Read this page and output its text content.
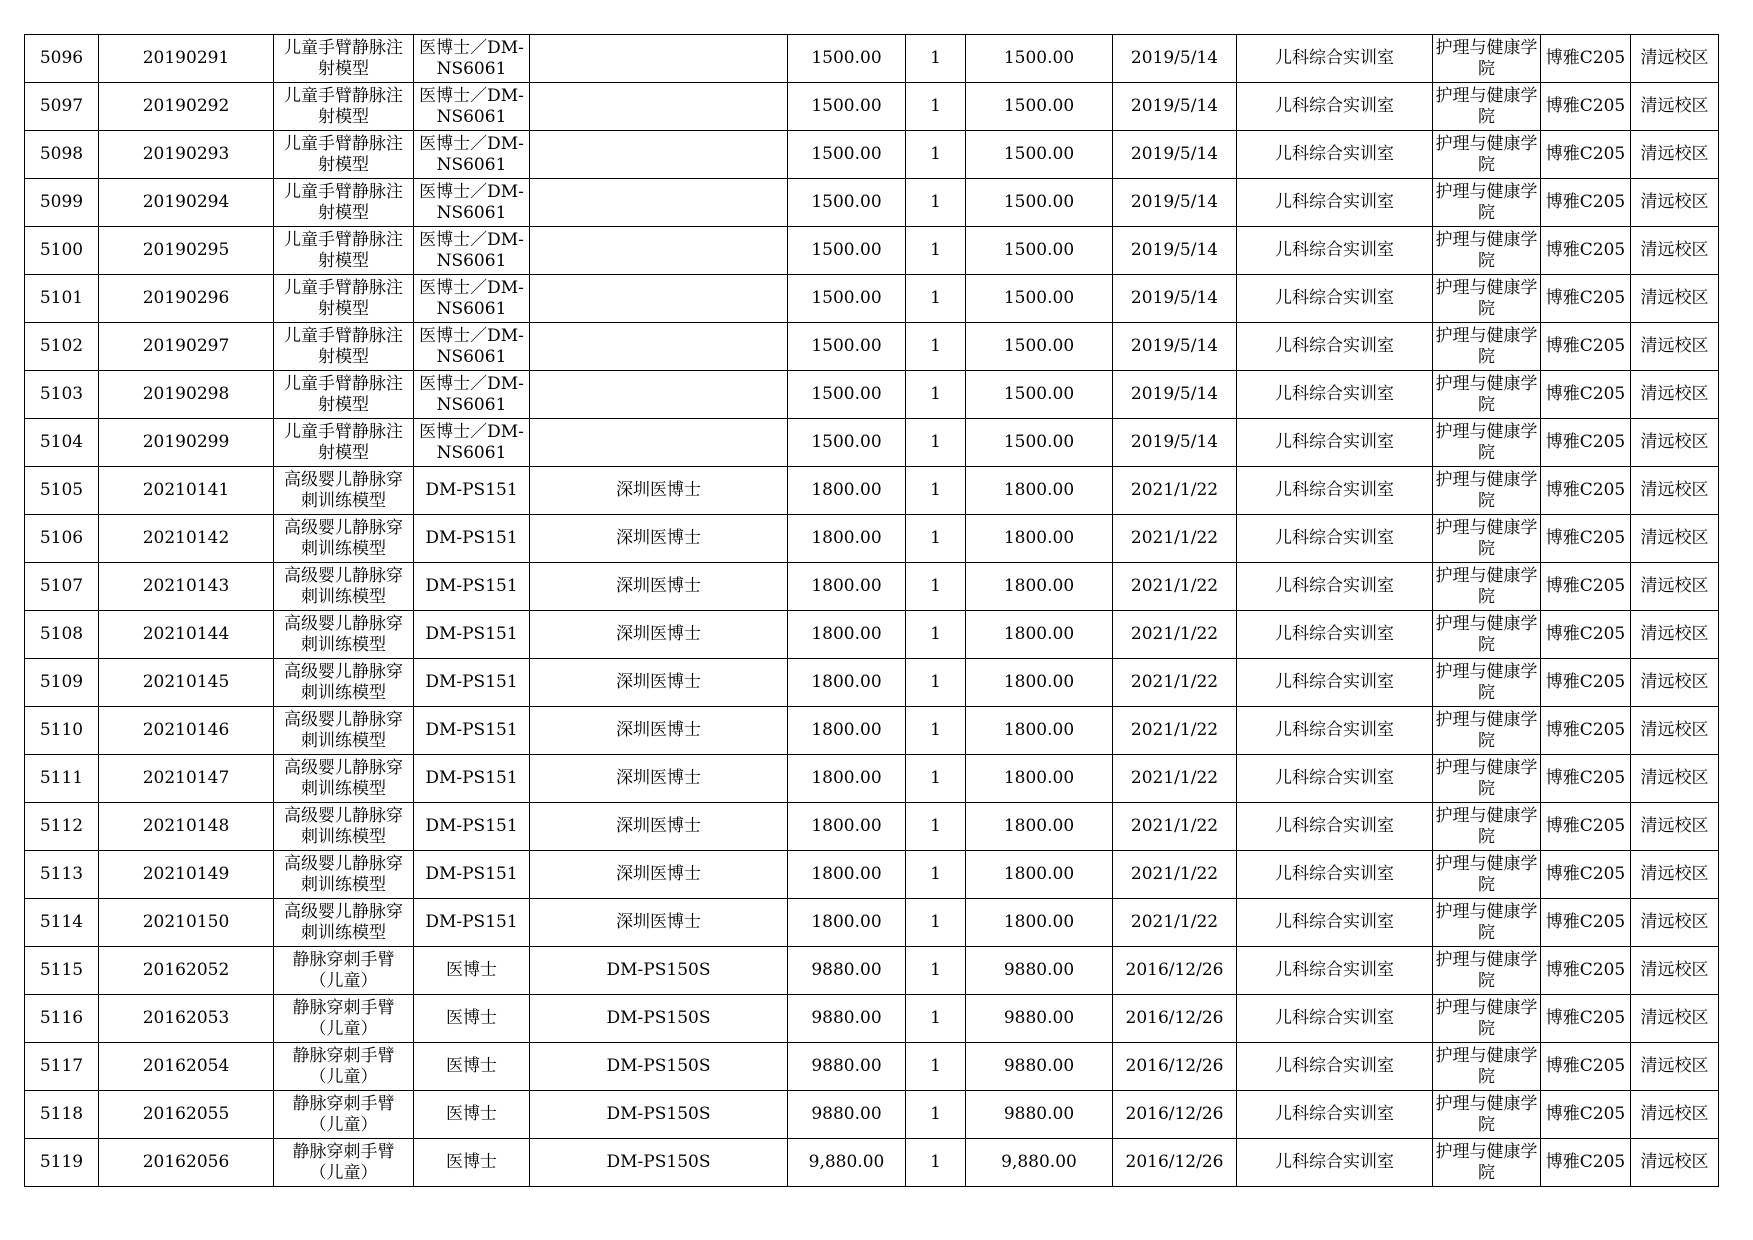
5096	20190291	儿童手臂静脉注射模型	医博士／DM-NS6061		1500.00	1	1500.00	2019/5/14	儿科综合实训室	护理与健康学院	博雅C205	清远校区
5097	20190292	儿童手臂静脉注射模型	医博士／DM-NS6061		1500.00	1	1500.00	2019/5/14	儿科综合实训室	护理与健康学院	博雅C205	清远校区
5098	20190293	儿童手臂静脉注射模型	医博士／DM-NS6061		1500.00	1	1500.00	2019/5/14	儿科综合实训室	护理与健康学院	博雅C205	清远校区
5099	20190294	儿童手臂静脉注射模型	医博士／DM-NS6061		1500.00	1	1500.00	2019/5/14	儿科综合实训室	护理与健康学院	博雅C205	清远校区
5100	20190295	儿童手臂静脉注射模型	医博士／DM-NS6061		1500.00	1	1500.00	2019/5/14	儿科综合实训室	护理与健康学院	博雅C205	清远校区
5101	20190296	儿童手臂静脉注射模型	医博士／DM-NS6061		1500.00	1	1500.00	2019/5/14	儿科综合实训室	护理与健康学院	博雅C205	清远校区
5102	20190297	儿童手臂静脉注射模型	医博士／DM-NS6061		1500.00	1	1500.00	2019/5/14	儿科综合实训室	护理与健康学院	博雅C205	清远校区
5103	20190298	儿童手臂静脉注射模型	医博士／DM-NS6061		1500.00	1	1500.00	2019/5/14	儿科综合实训室	护理与健康学院	博雅C205	清远校区
5104	20190299	儿童手臂静脉注射模型	医博士／DM-NS6061		1500.00	1	1500.00	2019/5/14	儿科综合实训室	护理与健康学院	博雅C205	清远校区
5105	20210141	高级婴儿静脉穿刺训练模型	DM-PS151	深圳医博士	1800.00	1	1800.00	2021/1/22	儿科综合实训室	护理与健康学院	博雅C205	清远校区
5106	20210142	高级婴儿静脉穿刺训练模型	DM-PS151	深圳医博士	1800.00	1	1800.00	2021/1/22	儿科综合实训室	护理与健康学院	博雅C205	清远校区
5107	20210143	高级婴儿静脉穿刺训练模型	DM-PS151	深圳医博士	1800.00	1	1800.00	2021/1/22	儿科综合实训室	护理与健康学院	博雅C205	清远校区
5108	20210144	高级婴儿静脉穿刺训练模型	DM-PS151	深圳医博士	1800.00	1	1800.00	2021/1/22	儿科综合实训室	护理与健康学院	博雅C205	清远校区
5109	20210145	高级婴儿静脉穿刺训练模型	DM-PS151	深圳医博士	1800.00	1	1800.00	2021/1/22	儿科综合实训室	护理与健康学院	博雅C205	清远校区
5110	20210146	高级婴儿静脉穿刺训练模型	DM-PS151	深圳医博士	1800.00	1	1800.00	2021/1/22	儿科综合实训室	护理与健康学院	博雅C205	清远校区
5111	20210147	高级婴儿静脉穿刺训练模型	DM-PS151	深圳医博士	1800.00	1	1800.00	2021/1/22	儿科综合实训室	护理与健康学院	博雅C205	清远校区
5112	20210148	高级婴儿静脉穿刺训练模型	DM-PS151	深圳医博士	1800.00	1	1800.00	2021/1/22	儿科综合实训室	护理与健康学院	博雅C205	清远校区
5113	20210149	高级婴儿静脉穿刺训练模型	DM-PS151	深圳医博士	1800.00	1	1800.00	2021/1/22	儿科综合实训室	护理与健康学院	博雅C205	清远校区
5114	20210150	高级婴儿静脉穿刺训练模型	DM-PS151	深圳医博士	1800.00	1	1800.00	2021/1/22	儿科综合实训室	护理与健康学院	博雅C205	清远校区
5115	20162052	静脉穿刺手臂（儿童）	医博士	DM-PS150S	9880.00	1	9880.00	2016/12/26	儿科综合实训室	护理与健康学院	博雅C205	清远校区
5116	20162053	静脉穿刺手臂（儿童）	医博士	DM-PS150S	9880.00	1	9880.00	2016/12/26	儿科综合实训室	护理与健康学院	博雅C205	清远校区
5117	20162054	静脉穿刺手臂（儿童）	医博士	DM-PS150S	9880.00	1	9880.00	2016/12/26	儿科综合实训室	护理与健康学院	博雅C205	清远校区
5118	20162055	静脉穿刺手臂（儿童）	医博士	DM-PS150S	9880.00	1	9880.00	2016/12/26	儿科综合实训室	护理与健康学院	博雅C205	清远校区
5119	20162056	静脉穿刺手臂（儿童）	医博士	DM-PS150S	9,880.00	1	9,880.00	2016/12/26	儿科综合实训室	护理与健康学院	博雅C205	清远校区
